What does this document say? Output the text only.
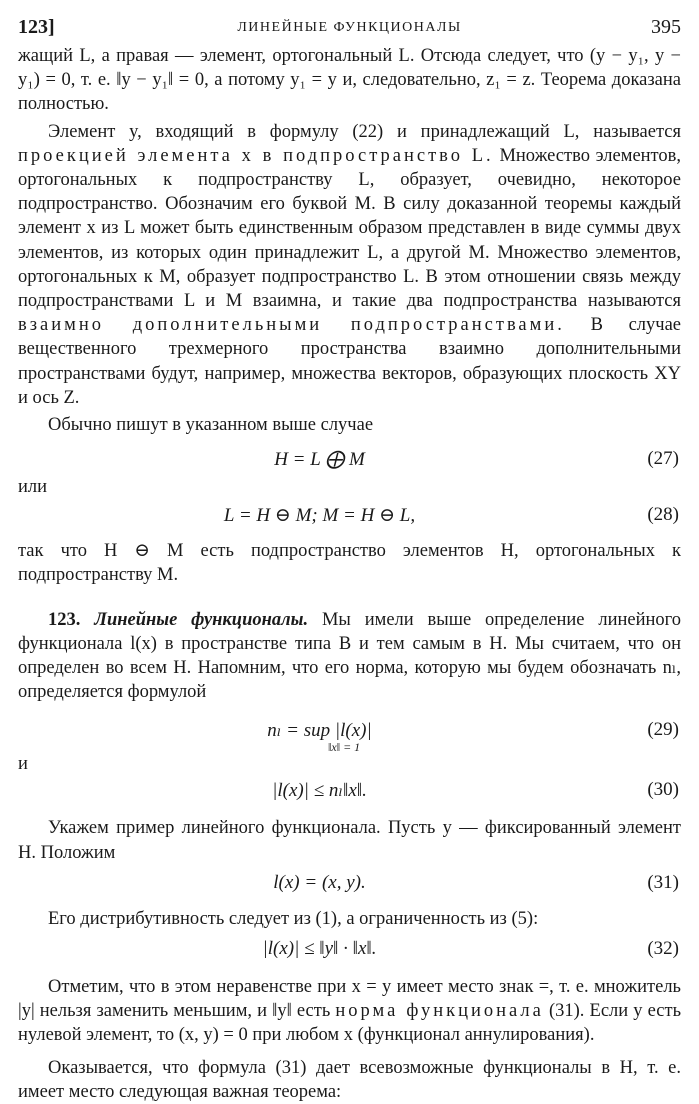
123]	ЛИНЕЙНЫЕ ФУНКЦИОНАЛЫ	395

жащий L, а правая — элемент, ортогональный L. Отсюда следует, что (y − y₁, y − y₁) = 0, т. е. ‖y − y₁‖ = 0, а потому y₁ = y и, следовательно, z₁ = z. Теорема доказана полностью.

Элемент y, входящий в формулу (22) и принадлежащий L, называется проекцией элемента x в подпространство L. Множество элементов, ортогональных к подпространству L, образует, очевидно, некоторое подпространство. Обозначим его буквой M. В силу доказанной теоремы каждый элемент x из L может быть единственным образом представлен в виде суммы двух элементов, из которых один принадлежит L, а другой M. Множество элементов, ортогональных к M, образует подпространство L. В этом отношении связь между подпространствами L и M взаимна, и такие два подпространства называются взаимно дополнительными подпространствами. В случае вещественного трехмерного пространства взаимно дополнительными пространствами будут, например, множества векторов, образующих плоскость XY и ось Z.

Обычно пишут в указанном выше случае

H = L ⨁ M	(27)
или
L = H ⊖ M; M = H ⊖ L,	(28)

так что H ⊖ M есть подпространство элементов H, ортогональных к подпространству M.

123. Линейные функционалы. Мы имели выше определение линейного функционала l(x) в пространстве типа B и тем самым в H. Мы считаем, что он определен во всем H. Напомним, что его норма, которую мы будем обозначать nₗ, определяется формулой

nₗ = sup |l(x)|
‖x‖ = 1
(29)
и
|l(x)| ≤ nₗ‖x‖.	(30)

Укажем пример линейного функционала. Пусть y — фиксированный элемент H. Положим

l(x) = (x, y).	(31)

Его дистрибутивность следует из (1), а ограниченность из (5):

|l(x)| ≤ ‖y‖ · ‖x‖.	(32)

Отметим, что в этом неравенстве при x = y имеет место знак =, т. е. множитель |y| нельзя заменить меньшим, и ‖y‖ есть норма функционала (31). Если y есть нулевой элемент, то (x, y) = 0 при любом x (функционал аннулирования).

Оказывается, что формула (31) дает всевозможные функционалы в H, т. е. имеет место следующая важная теорема:
